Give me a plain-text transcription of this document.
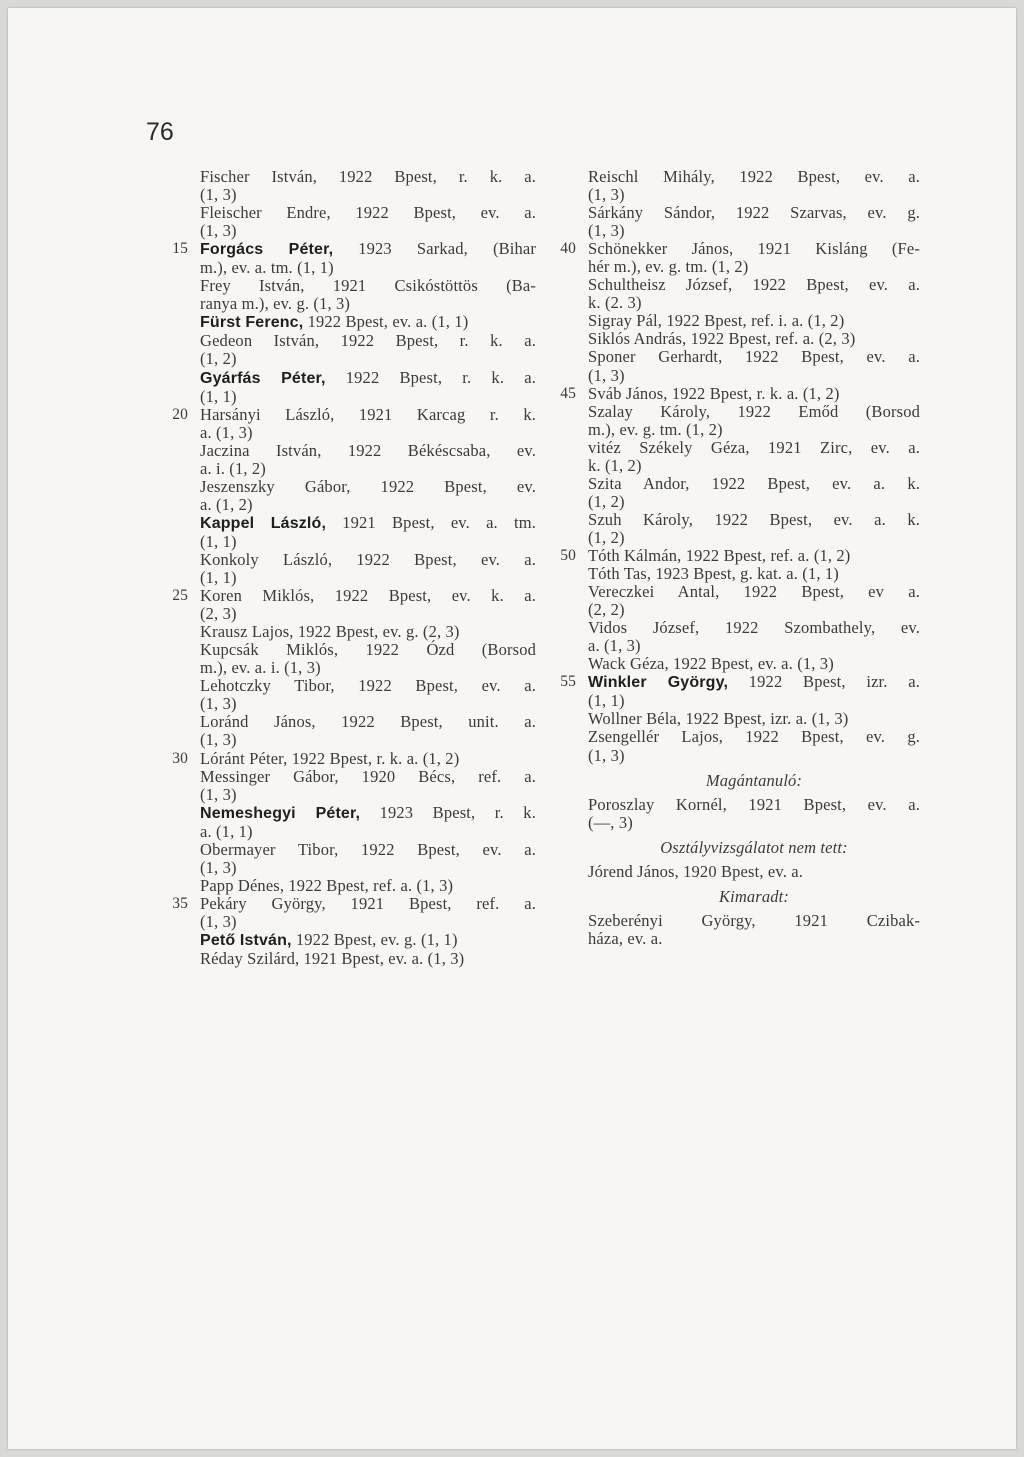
76
Fischer István, 1922 Bpest, r. k. a.
(1, 3)
Fleischer Endre, 1922 Bpest, ev. a.
(1, 3)
15 Forgács Péter, 1923 Sarkad, (Bihar
m.), ev. a. tm. (1, 1)
Frey István, 1921 Csikóstöttös (Ba-
ranya m.), ev. g. (1, 3)
Fürst Ferenc, 1922 Bpest, ev. a. (1, 1)
Gedeon István, 1922 Bpest, r. k. a.
(1, 2)
Gyárfás Péter, 1922 Bpest, r. k. a.
(1, 1)
20 Harsányi László, 1921 Karcag r. k.
a. (1, 3)
Jaczina István, 1922 Békéscsaba, ev.
a. i. (1, 2)
Jeszenszky Gábor, 1922 Bpest, ev.
a. (1, 2)
Kappel László, 1921 Bpest, ev. a. tm.
(1, 1)
Konkoly László, 1922 Bpest, ev. a.
(1, 1)
25 Koren Miklós, 1922 Bpest, ev. k. a.
(2, 3)
Krausz Lajos, 1922 Bpest, ev. g. (2, 3)
Kupcsák Miklós, 1922 Ózd (Borsod
m.), ev. a. i. (1, 3)
Lehotczky Tibor, 1922 Bpest, ev. a.
(1, 3)
Loránd János, 1922 Bpest, unit. a.
(1, 3)
30 Lóránt Péter, 1922 Bpest, r. k. a. (1, 2)
Messinger Gábor, 1920 Bécs, ref. a.
(1, 3)
Nemeshegyi Péter, 1923 Bpest, r. k.
a. (1, 1)
Obermayer Tibor, 1922 Bpest, ev. a.
(1, 3)
Papp Dénes, 1922 Bpest, ref. a. (1, 3)
35 Pekáry György, 1921 Bpest, ref. a.
(1, 3)
Pető István, 1922 Bpest, ev. g. (1, 1)
Réday Szilárd, 1921 Bpest, ev. a. (1, 3)
Reischl Mihály, 1922 Bpest, ev. a.
(1, 3)
Sárkány Sándor, 1922 Szarvas, ev. g.
(1, 3)
40 Schönekker János, 1921 Kisláng (Fe-
hér m.), ev. g. tm. (1, 2)
Schultheisz József, 1922 Bpest, ev. a.
k. (2. 3)
Sigray Pál, 1922 Bpest, ref. i. a. (1, 2)
Siklós András, 1922 Bpest, ref. a. (2, 3)
Sponer Gerhardt, 1922 Bpest, ev. a.
(1, 3)
45 Sváb János, 1922 Bpest, r. k. a. (1, 2)
Szalay Károly, 1922 Emőd (Borsod
m.), ev. g. tm. (1, 2)
vitéz Székely Géza, 1921 Zirc, ev. a.
k. (1, 2)
Szita Andor, 1922 Bpest, ev. a. k.
(1, 2)
Szuh Károly, 1922 Bpest, ev. a. k.
(1, 2)
50 Tóth Kálmán, 1922 Bpest, ref. a. (1, 2)
Tóth Tas, 1923 Bpest, g. kat. a. (1, 1)
Vereczkei Antal, 1922 Bpest, ev a.
(2, 2)
Vidos József, 1922 Szombathely, ev.
a. (1, 3)
Wack Géza, 1922 Bpest, ev. a. (1, 3)
55 Winkler György, 1922 Bpest, izr. a.
(1, 1)
Wollner Béla, 1922 Bpest, izr. a. (1, 3)
Zsengellér Lajos, 1922 Bpest, ev. g.
(1, 3)
Magántanuló:
Poroszlay Kornél, 1921 Bpest, ev. a.
(—, 3)
Osztályvizsgálatot nem tett:
Jórend János, 1920 Bpest, ev. a.
Kimaradt:
Szeberényi György, 1921 Czibak-
háza, ev. a.
